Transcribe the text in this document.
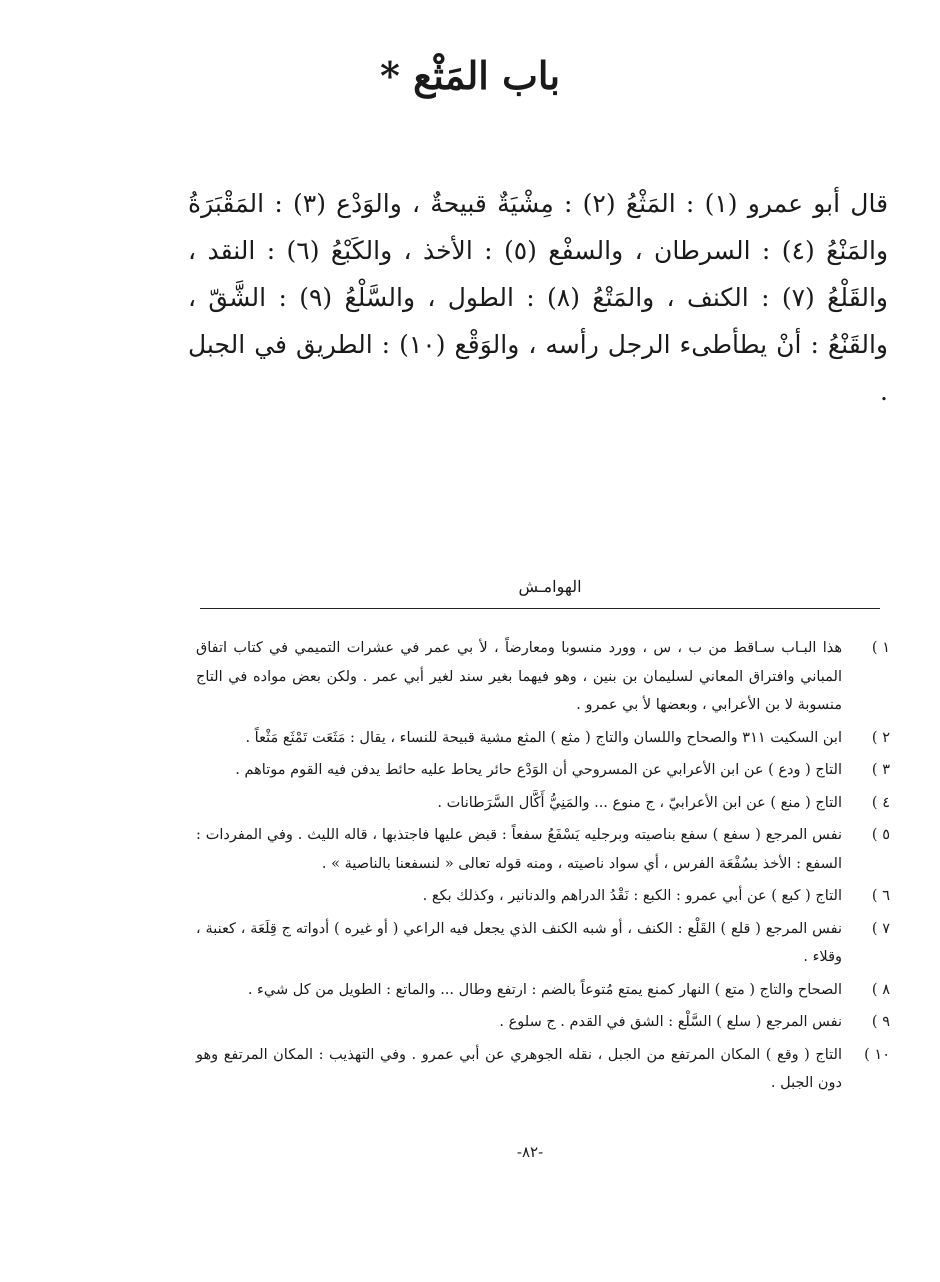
باب المَثْع *

قال أبو عمرو (١) : المَثْعُ (٢) : مِشْيَةٌ قبيحةٌ ، والوَدْع (٣) : المَقْبَرَةُ والمَنْعُ (٤) : السرطان ، والسفْع (٥) : الأخذ ، والكَبْعُ (٦) : النقد ، والقَلْعُ (٧) : الكنف ، والمَتْعُ (٨) : الطول ، والسَّلْعُ (٩) : الشَّقّ ، والقَنْعُ : أنْ يطأطىء الرجل رأسه ، والوَقْع (١٠) : الطريق في الجبل .

الهوامـش
١ )
هذا البـاب سـاقط من ب ، س ، وورد منسوبا ومعارضاً ، لأ بي عمر في عشرات التميمي في كتاب اتفاق المباني وافتراق المعاني لسليمان بن بنين ، وهو فيهما بغير سند لغير أبي عمر . ولكن بعض مواده في التاج منسوبة لا بن الأعرابي ، وبعضها لأ بي عمرو .
٢ )
ابن السكيت ٣١١ والصحاح واللسان والتاج ( مثع ) المثع مشية قبيحة للنساء ، يقال : مَثَعَت تَمْثَع مَثْعاً .
٣ )
التاج ( ودع ) عن ابن الأعرابي عن المسروحي أن الوَدْع حائر يحاط عليه حائط يدفن فيه القوم موتاهم .
٤ )
التاج ( منع ) عن ابن الأعرابيّ ، ج منوع ... والمَنِيُّ أَكَّال السَّرَطانات .
٥ )
نفس المرجع ( سفع ) سفع بناصيته وبرجليه يَسْفَعُ سفعاً : قبض عليها فاجتذبها ، قاله الليث . وفي المفردات : السفع : الأخذ بسُفْعَة الفرس ، أي سواد ناصيته ، ومنه قوله تعالى « لنسفعنا بالناصية » .
٦ )
التاج ( كبع ) عن أبي عمرو : الكبع : نَقْدُ الدراهم والدنانير ، وكذلك بكع .
٧ )
نفس المرجع ( قلع ) القَلْع : الكنف ، أو شبه الكنف الذي يجعل فيه الراعي ( أو غيره ) أدواته ج قِلَعَة ، كعنبة ، وقلاء .
٨ )
الصحاح والتاج ( متع ) النهار كمنع يمتع مُتوعاً بالضم : ارتفع وطال ... والماتع : الطويل من كل شيء .
٩ )
نفس المرجع ( سلع ) السَّلْع : الشق في القدم . ج سلوع .
١٠ )
التاج ( وقع ) المكان المرتفع من الجبل ، نقله الجوهري عن أبي عمرو . وفي التهذيب : المكان المرتفع وهو دون الجبل .
-٨٢-
